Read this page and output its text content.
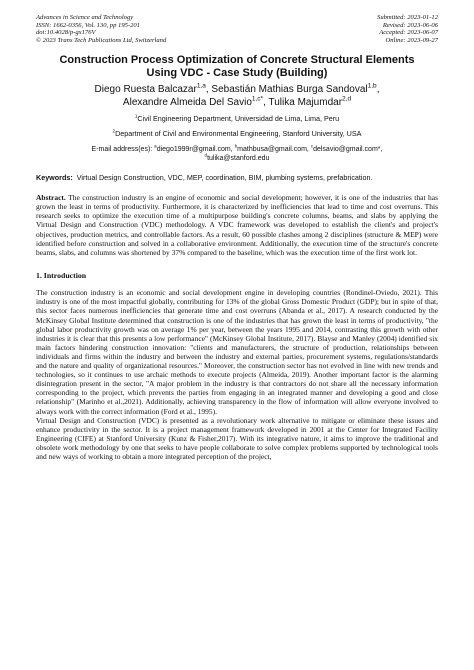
Advances in Science and Technology
ISSN: 1662-0356, Vol. 130, pp 195-201
doi:10.4028/p-gx176V
© 2023 Trans Tech Publications Ltd, Switzerland
Submitted: 2023-01-12
Revised: 2023-06-06
Accepted: 2023-06-07
Online: 2023-09-27
Construction Process Optimization of Concrete Structural Elements
Using VDC - Case Study (Building)
Diego Ruesta Balcazar$^{1,a}$, Sebastián Mathias Burga Sandoval$^{1,b}$,
Alexandre Almeida Del Savio$^{1,c*}$, Tulika Majumdar$^{2,d}$
$^1$Civil Engineering Department, Universidad de Lima, Lima, Peru
$^2$Department of Civil and Environmental Engineering, Stanford University, USA
E-mail address(es): $^a$diego1999r@gmail.com, $^b$mathbusa@gmail.com, $^c$delsavio@gmail.com*,
$^d$tulika@stanford.edu
Keywords: Virtual Design Construction, VDC, MEP, coordination, BIM, plumbing systems, prefabrication.
Abstract. The construction industry is an engine of economic and social development; however, it is one of the industries that has grown the least in terms of productivity. Furthermore, it is characterized by inefficiencies that lead to time and cost overruns. This research seeks to optimize the execution time of a multipurpose building's concrete columns, beams, and slabs by applying the Virtual Design and Construction (VDC) methodology. A VDC framework was developed to establish the client's and project's objectives, production metrics, and controllable factors. As a result, 60 possible clashes among 2 disciplines (structure & MEP) were identified before construction and solved in a collaborative environment. Additionally, the execution time of the structure's concrete beams, slabs, and columns was shortened by 37% compared to the baseline, which was the execution time of the first work lot.
1. Introduction

The construction industry is an economic and social development engine in developing countries (Rondinel-Oviedo, 2021). This industry is one of the most impactful globally, contributing for 13% of the global Gross Domestic Product (GDP); but in spite of that, this sector faces numerous inefficiencies that generate time and cost overruns (Abanda et al., 2017). A research conducted by the McKinsey Global Institute determined that construction is one of the industries that has grown the least in terms of productivity, "the global labor productivity growth was on average 1% per year, between the years 1995 and 2014, contrasting this growth with other industries it is clear that this presents a low performance" (McKinsey Global Institute, 2017). Blayse and Manley (2004) identified six main factors hindering construction innovation: "clients and manufacturers, the structure of production, relationships between individuals and firms within the industry and between the industry and external parties, procurement systems, regulations/standards and the nature and quality of organizational resources." Moreover, the construction sector has not evolved in line with new trends and technologies, so it continues to use archaic methods to execute projects (Almeida, 2019). Another important factor is the alarming disintegration present in the sector, "A major problem in the industry is that contractors do not share all the necessary information corresponding to the project, which prevents the parties from engaging in an integrated manner and developing a good and close relationship" (Marinho et al.,2021). Additionally, achieving transparency in the flow of information will allow everyone involved to always work with the correct information (Ford et al., 1995).

Virtual Design and Construction (VDC) is presented as a revolutionary work alternative to mitigate or eliminate these issues and enhance productivity in the sector. It is a project management framework developed in 2001 at the Center for Integrated Facility Engineering (CIFE) at Stanford University (Kunz & Fisher,2017). With its integrative nature, it aims to improve the traditional and obsolete work methodology by one that seeks to have people collaborate to solve complex problems supported by technological tools and new ways of working to obtain a more integrated perception of the project,
